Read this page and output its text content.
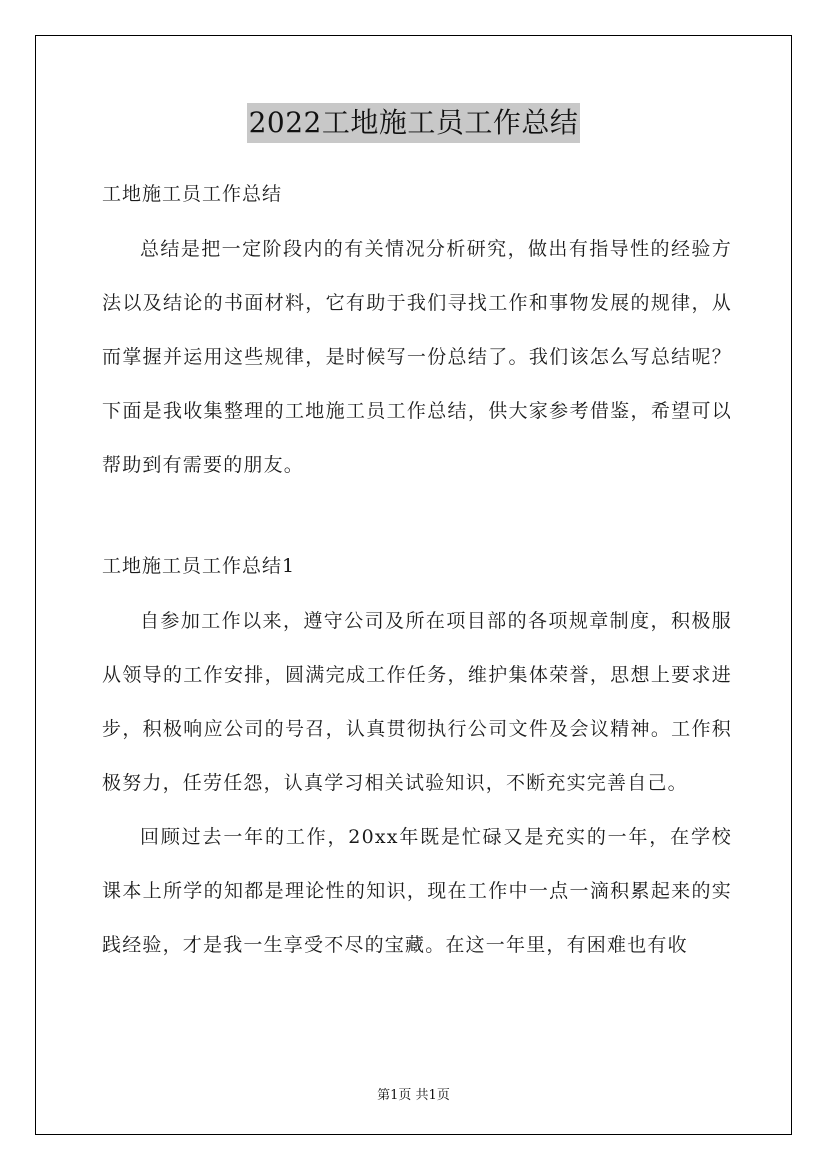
2022工地施工员工作总结

工地施工员工作总结

总结是把一定阶段内的有关情况分析研究，做出有指导性的经验方法以及结论的书面材料，它有助于我们寻找工作和事物发展的规律，从而掌握并运用这些规律，是时候写一份总结了。我们该怎么写总结呢？下面是我收集整理的工地施工员工作总结，供大家参考借鉴，希望可以帮助到有需要的朋友。

工地施工员工作总结1

自参加工作以来，遵守公司及所在项目部的各项规章制度，积极服从领导的工作安排，圆满完成工作任务，维护集体荣誉，思想上要求进步，积极响应公司的号召，认真贯彻执行公司文件及会议精神。工作积极努力，任劳任怨，认真学习相关试验知识，不断充实完善自己。

回顾过去一年的工作，20xx年既是忙碌又是充实的一年，在学校课本上所学的知都是理论性的知识，现在工作中一点一滴积累起来的实践经验，才是我一生享受不尽的宝藏。在这一年里，有困难也有收

第1页 共1页
